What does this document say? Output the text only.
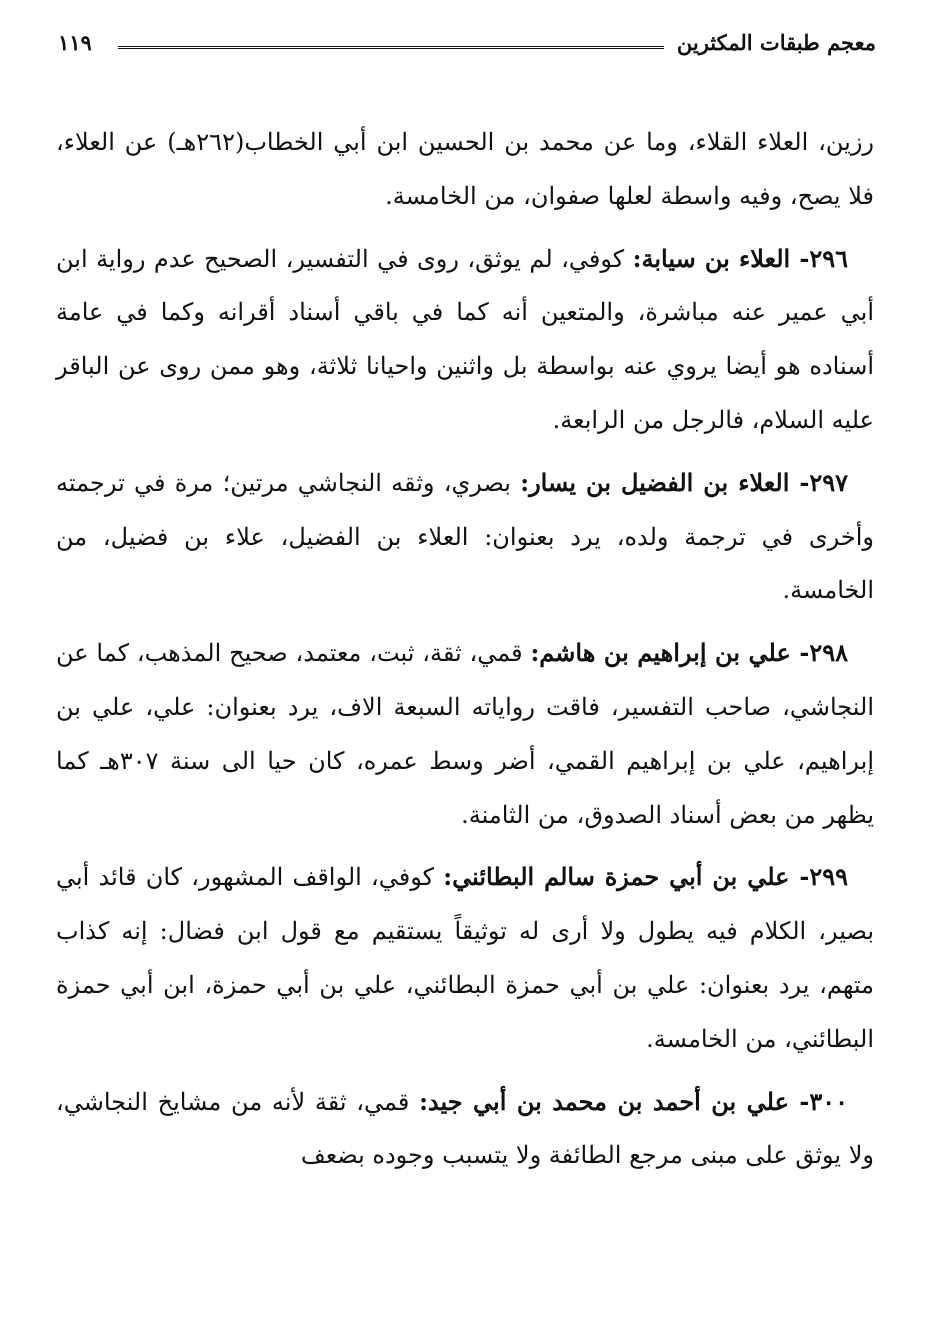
معجم طبقات المكثرين
١١٩

رزين، العلاء القلاء، وما عن محمد بن الحسين ابن أبي الخطاب(٢٦٢هـ) عن العلاء، فلا يصح، وفيه واسطة لعلها صفوان، من الخامسة.

٢٩٦- العلاء بن سيابة: كوفي، لم يوثق، روى في التفسير، الصحيح عدم رواية ابن أبي عمير عنه مباشرة، والمتعين أنه كما في باقي أسناد أقرانه وكما في عامة أسناده هو أيضا يروي عنه بواسطة بل واثنين واحيانا ثلاثة، وهو ممن روى عن الباقر عليه السلام، فالرجل من الرابعة.

٢٩٧- العلاء بن الفضيل بن يسار: بصري، وثقه النجاشي مرتين؛ مرة في ترجمته وأخرى في ترجمة ولده، يرد بعنوان: العلاء بن الفضيل، علاء بن فضيل، من الخامسة.

٢٩٨- علي بن إبراهيم بن هاشم: قمي، ثقة، ثبت، معتمد، صحيح المذهب، كما عن النجاشي، صاحب التفسير، فاقت رواياته السبعة الاف، يرد بعنوان: علي، علي بن إبراهيم، علي بن إبراهيم القمي، أضر وسط عمره، كان حيا الى سنة ٣٠٧هـ كما يظهر من بعض أسناد الصدوق، من الثامنة.

٢٩٩- علي بن أبي حمزة سالم البطائني: كوفي، الواقف المشهور، كان قائد أبي بصير، الكلام فيه يطول ولا أرى له توثيقاً يستقيم مع قول ابن فضال: إنه كذاب متهم، يرد بعنوان: علي بن أبي حمزة البطائني، علي بن أبي حمزة، ابن أبي حمزة البطائني، من الخامسة.

٣٠٠- علي بن أحمد بن محمد بن أبي جيد: قمي، ثقة لأنه من مشايخ النجاشي، ولا يوثق على مبنى مرجع الطائفة ولا يتسبب وجوده بضعف
